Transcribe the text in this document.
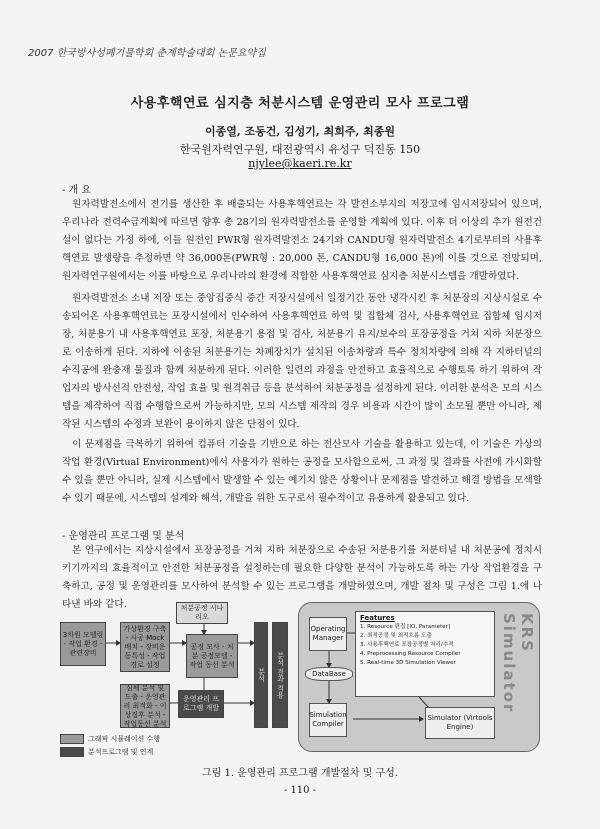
2007 한국방사성폐기물학회 춘계학술대회 논문요약집
사용후핵연료 심지층 처분시스템 운영관리 모사 프로그램
이종열, 조동건, 김성기, 최희주, 최종원
한국원자력연구원, 대전광역시 유성구 덕진동 150
njylee@kaeri.re.kr
- 개 요

원자력발전소에서 전기를 생산한 후 배출되는 사용후핵연료는 각 발전소부지의 저장고에 임시저장되어 있으며, 우리나라 전력수급계획에 따르면 향후 총 28기의 원자력발전소를 운영할 계획에 있다. 이후 더 이상의 추가 원전건설이 없다는 가정 하에, 이들 원전인 PWR형 원자력발전소 24기와 CANDU형 원자력발전소 4기로부터의 사용후핵연료 발생량을 추정하면 약 36,000톤(PWR형 : 20,000 톤, CANDU형 16,000 톤)에 이를 것으로 전망되며, 원자력연구원에서는 이를 바탕으로 우리나라의 환경에 적합한 사용후핵연료 심지층 처분시스템을 개발하였다.

원자력발전소 소내 저장 또는 중앙집중식 중간 저장시설에서 일정기간 동안 냉각시킨 후 처분장의 지상시설로 수송되어온 사용후핵연료는 포장시설에서 인수하여 사용후핵연료 하역 및 집합체 검사, 사용후핵연료 집합체 임시저장, 처분용기 내 사용후핵연료 포장, 처분용기 용접 및 검사, 처분용기 유지/보수의 포장공정을 거쳐 지하 처분장으로 이송하게 된다. 지하에 이송된 처분용기는 차폐장치가 설치된 이송차량과 특수 정치차량에 의해 각 지하터널의 수직공에 완충재 물질과 함께 처분하게 된다. 이러한 일련의 과정을 안전하고 효율적으로 수행토록 하기 위하여 작업자의 방사선적 안전성, 작업 효율 및 원격취급 등을 분석하여 처분공정을 설정하게 된다. 이러한 분석은 모의 시스템을 제작하여 직접 수행함으로써 가능하지만, 모의 시스템 제작의 경우 비용과 시간이 많이 소모될 뿐만 아니라, 제작된 시스템의 수정과 보완이 용이하지 않은 단점이 있다.

이 문제점을 극복하기 위하여 컴퓨터 기술을 기반으로 하는 전산모사 기술을 활용하고 있는데, 이 기술은 가상의 작업 환경(Virtual Environment)에서 사용자가 원하는 공정을 모사함으로써, 그 과정 및 결과를 사전에 가시화할 수 있을 뿐만 아니라, 실제 시스템에서 발생할 수 있는 예기치 않은 상황이나 문제점을 발견하고 해결 방법을 모색할 수 있기 때문에, 시스템의 설계와 해석, 개발을 위한 도구로서 필수적이고 유용하게 활용되고 있다.

- 운영관리 프로그램 및 분석

본 연구에서는 지상시설에서 포장공정을 거쳐 지하 처분장으로 수송된 처분용기를 처분터널 내 처분공에 정치시키기까지의 효율적이고 안전한 처분공정을 설정하는데 필요한 다양한 분석이 가능하도록 하는 가상 작업환경을 구축하고, 공정 및 운영관리를 모사하여 분석할 수 있는 프로그램을 개발하였으며, 개발 절차 및 구성은 그림 1.에 나타낸 바와 같다.	처분공정 시나리오
3차원 모델링 - 작업 환경 - 관련장비
가상환경 구축 - 시공 Mock 배치 - 장비운동특성 - 작업경로 설정
공정 모사 - 처분 공정모델 - 작업 동선 분석
심체 분석 및 도출 - 운영관리 최적화 - 이상징후 분석 - 작업동선 분석
운영관리 프로그램 개발
분석	분석 결과 적용
그래픽 시뮬레이션 수행
분석프로그램 및 연계
Operating Manager
DataBase
Simulation Compiler
Simulator (Virtools Engine)
Features
1. Resource 편집 [IO, Parameter]
2. 최적공정 및 최적흐름 도출
3. 사용후핵연료 포장공정별 처리/추적
4. Preprocessing Resource Compiler
5. Real-time 3D Simulation Viewer
KRS Simulator
그림 1. 운영관리 프로그램 개발절차 및 구성.
- 110 -
